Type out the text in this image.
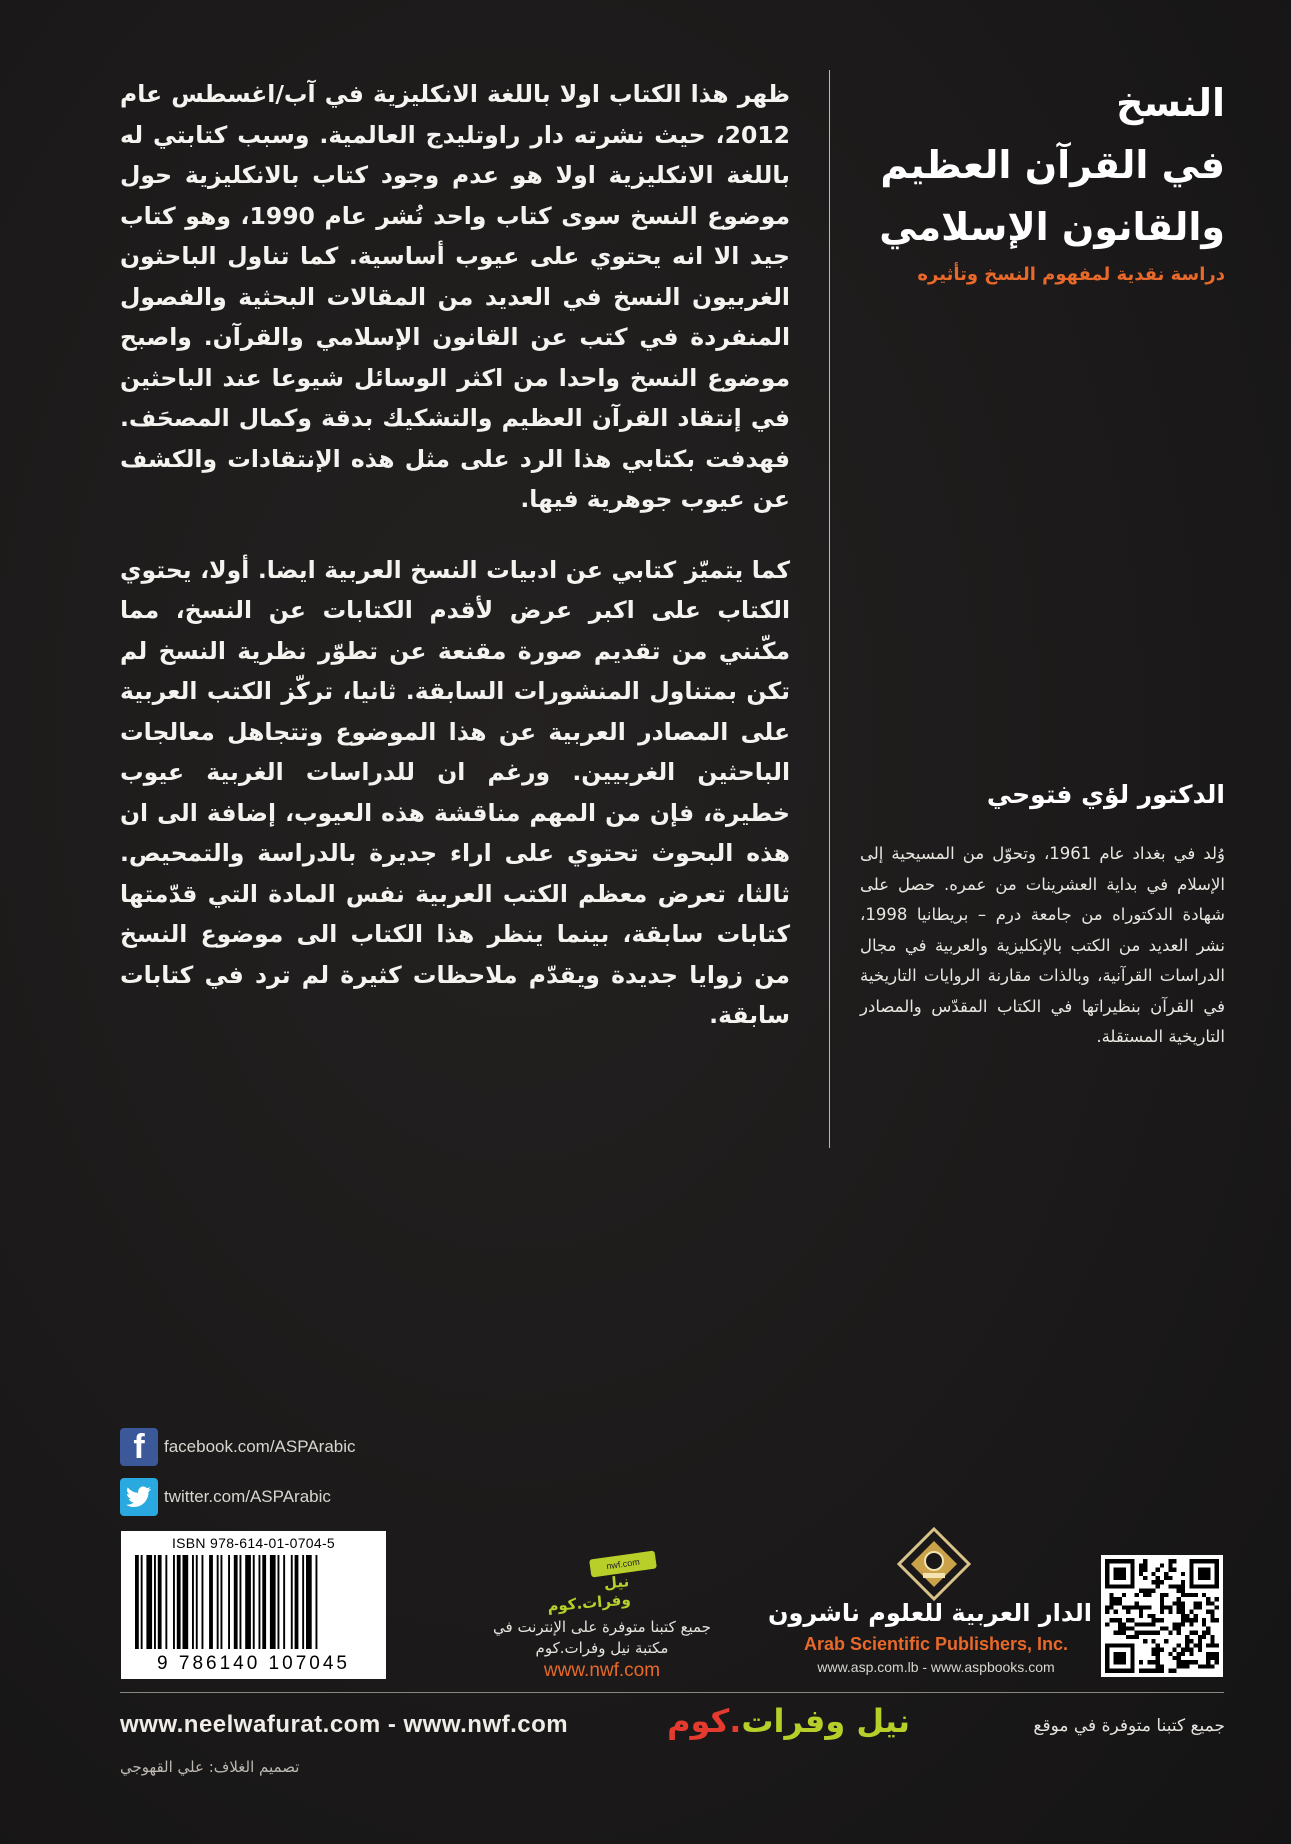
النسخ
في القرآن العظيم
والقانون الإسلامي
دراسة نقدية لمفهوم النسخ وتأثيره
الدكتور لؤي فتوحي
وُلد في بغداد عام 1961، وتحوّل من المسيحية إلى الإسلام في بداية العشرينات من عمره. حصل على شهادة الدكتوراه من جامعة درم – بريطانيا 1998، نشر العديد من الكتب بالإنكليزية والعربية في مجال الدراسات القرآنية، وبالذات مقارنة الروايات التاريخية في القرآن بنظيراتها في الكتاب المقدّس والمصادر التاريخية المستقلة.

ظهر هذا الكتاب اولا باللغة الانكليزية في آب/اغسطس عام 2012، حيث نشرته دار راوتليدج العالمية. وسبب كتابتي له باللغة الانكليزية اولا هو عدم وجود كتاب بالانكليزية حول موضوع النسخ سوى كتاب واحد نُشر عام 1990، وهو كتاب جيد الا انه يحتوي على عيوب أساسية. كما تناول الباحثون الغربيون النسخ في العديد من المقالات البحثية والفصول المنفردة في كتب عن القانون الإسلامي والقرآن. واصبح موضوع النسخ واحدا من اكثر الوسائل شيوعا عند الباحثين في إنتقاد القرآن العظيم والتشكيك بدقة وكمال المصحَف. فهدفت بكتابي هذا الرد على مثل هذه الإنتقادات والكشف عن عيوب جوهرية فيها.

كما يتميّز كتابي عن ادبيات النسخ العربية ايضا. أولا، يحتوي الكتاب على اكبر عرض لأقدم الكتابات عن النسخ، مما مكّنني من تقديم صورة مقنعة عن تطوّر نظرية النسخ لم تكن بمتناول المنشورات السابقة. ثانيا، تركّز الكتب العربية على المصادر العربية عن هذا الموضوع وتتجاهل معالجات الباحثين الغربيين. ورغم ان للدراسات الغربية عيوب خطيرة، فإن من المهم مناقشة هذه العيوب، إضافة الى ان هذه البحوث تحتوي على اراء جديرة بالدراسة والتمحيص. ثالثا، تعرض معظم الكتب العربية نفس المادة التي قدّمتها كتابات سابقة، بينما ينظر هذا الكتاب الى موضوع النسخ من زوايا جديدة ويقدّم ملاحظات كثيرة لم ترد في كتابات سابقة.

f	facebook.com/ASPArabic
twitter.com/ASPArabic
ISBN 978-614-01-0704-5
9 786140 107045
nwf.com
نيل وفرات.كوم
جميع كتبنا متوفرة على الإنترنت في مكتبة نيل وفرات.كوم
www.nwf.com
الدار العربية للعلوم ناشرون
Arab Scientific Publishers, Inc.
www.asp.com.lb - www.aspbooks.com
www.neelwafurat.com - www.nwf.com	نيل وفرات.كوم	جميع كتبنا متوفرة في موقع
تصميم الغلاف: علي القهوجي
